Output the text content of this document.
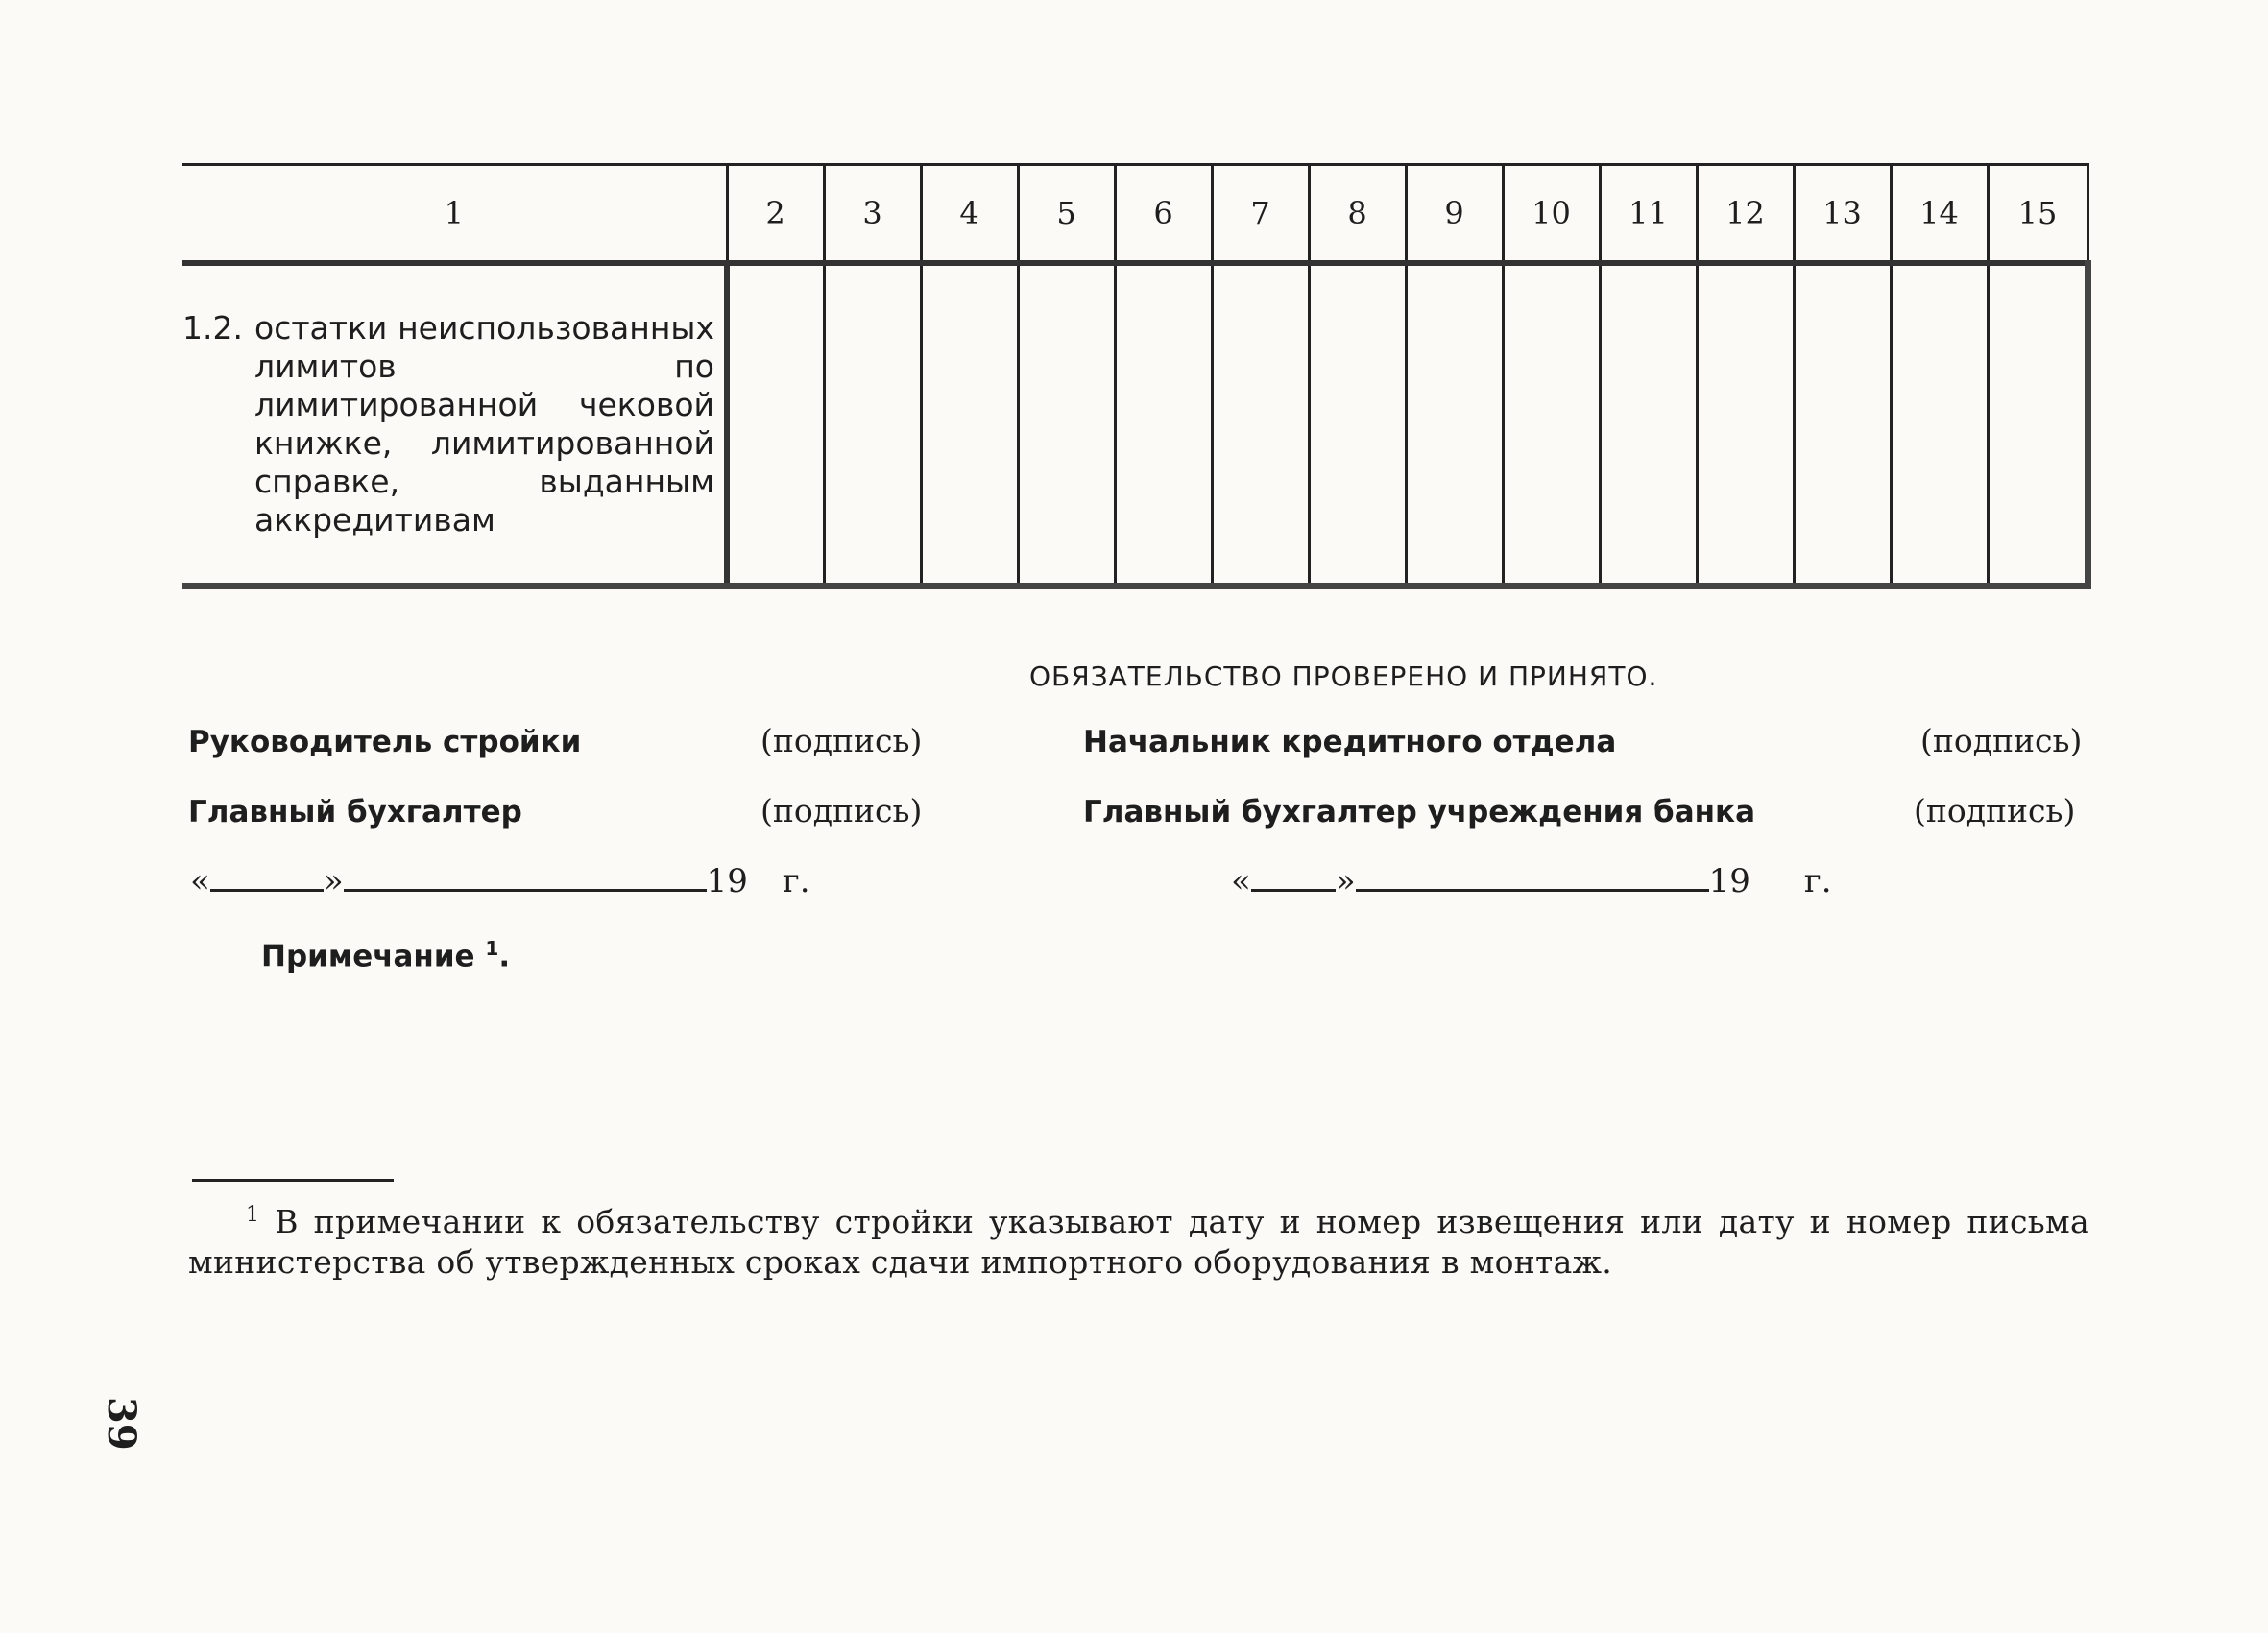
1	2	3	4	5	6	7	8	9	10	11	12	13	14	15

1.2. остатки неиспользованных лимитов по лимитированной чековой книжке, лимитированной справке, выданным аккредитивам														

ОБЯЗАТЕЛЬСТВО ПРОВЕРЕНО И ПРИНЯТО.
Руководитель стройки	(подпись)
Главный бухгалтер	(подпись)
Начальник кредитного отдела	(подпись)
Главный бухгалтер учреждения банка	(подпись)
«	»	19 г.	«	»	19 г.
Примечание $^1$.
$^1$ В примечании к обязательству стройки указывают дату и номер извещения или дату и номер письма министерства об утвержденных сроках сдачи импортного оборудования в монтаж.
39
